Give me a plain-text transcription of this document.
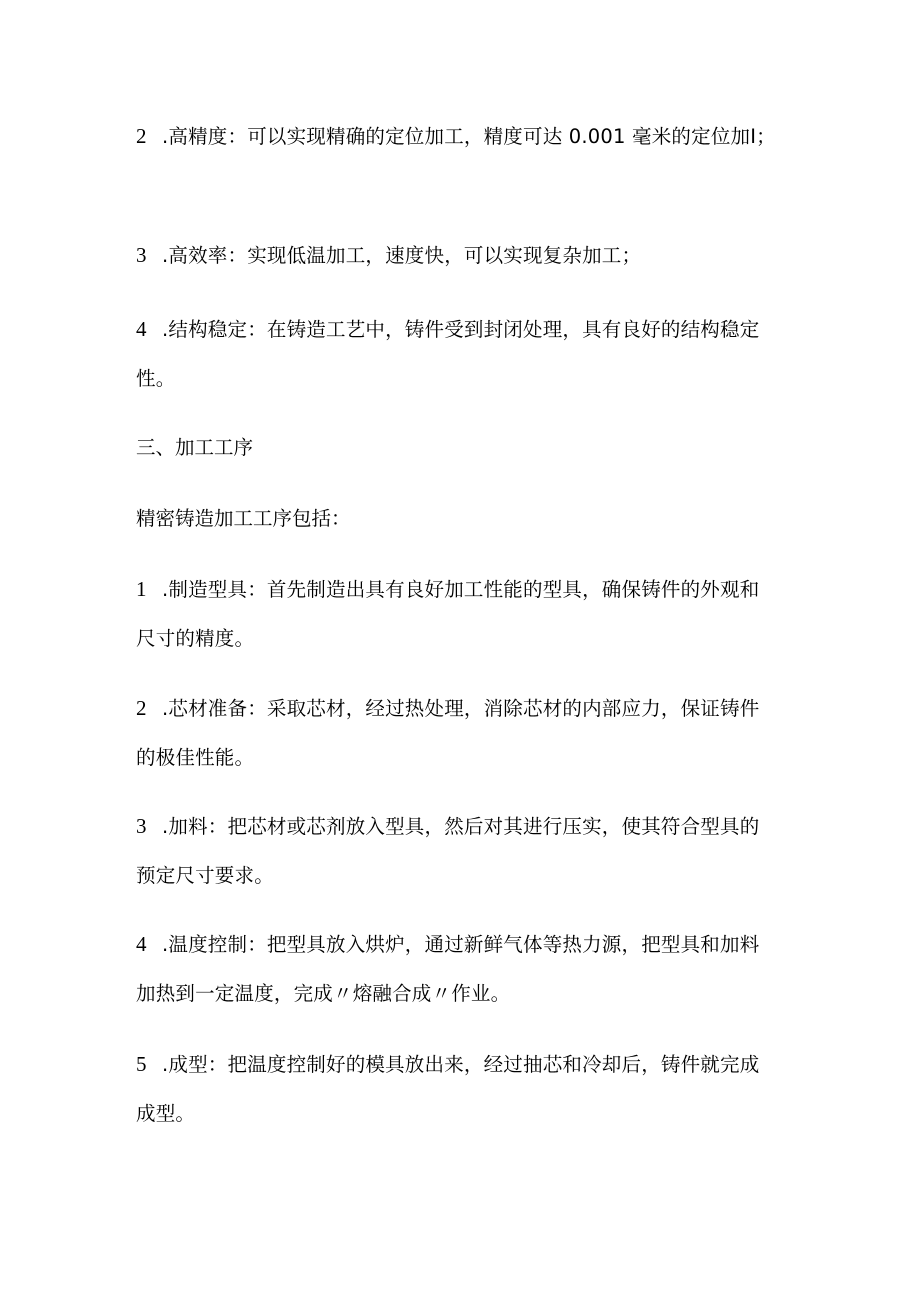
2 .高精度：可以实现精确的定位加工，精度可达 0.001 毫米的定位加I；

3 .高效率：实现低温加工，速度快，可以实现复杂加工；

4 .结构稳定：在铸造工艺中，铸件受到封闭处理，具有良好的结构稳定性。

三、加工工序

精密铸造加工工序包括：

1 .制造型具：首先制造出具有良好加工性能的型具，确保铸件的外观和尺寸的精度。

2 .芯材准备：采取芯材，经过热处理，消除芯材的内部应力，保证铸件的极佳性能。

3 .加料：把芯材或芯剂放入型具，然后对其进行压实，使其符合型具的预定尺寸要求。

4 .温度控制：把型具放入烘炉，通过新鲜气体等热力源，把型具和加料加热到一定温度，完成〃熔融合成〃作业。

5 .成型：把温度控制好的模具放出来，经过抽芯和冷却后，铸件就完成成型。
